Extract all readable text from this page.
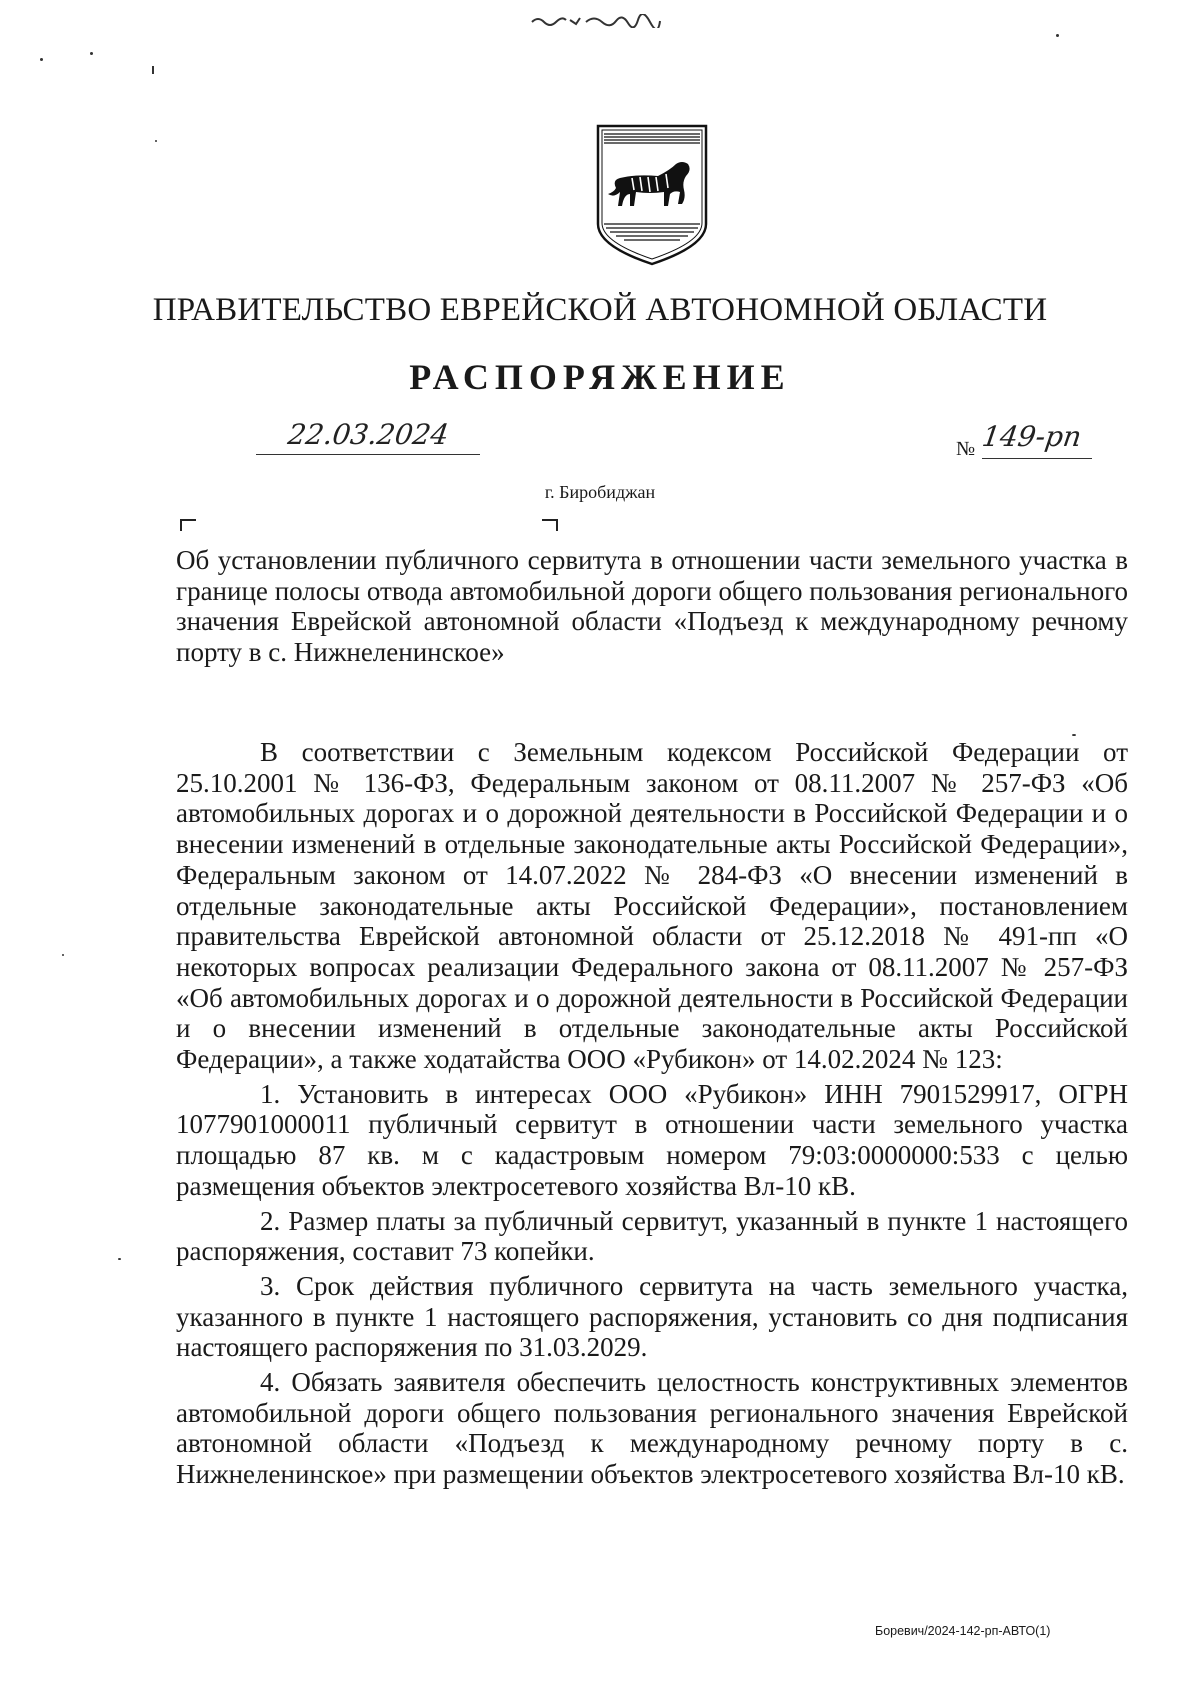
ПРАВИТЕЛЬСТВО ЕВРЕЙСКОЙ АВТОНОМНОЙ ОБЛАСТИ
РАСПОРЯЖЕНИЕ
22.03.2024	№ 149-рп
г. Биробиджан
Об установлении публичного сервитута в отношении части земельного участка в границе полосы отвода автомобильной дороги общего пользования регионального значения Еврейской автономной области «Подъезд к международному речному порту в с. Нижнеленинское»

В соответствии с Земельным кодексом Российской Федерации от 25.10.2001 № 136-ФЗ, Федеральным законом от 08.11.2007 № 257-ФЗ «Об автомобильных дорогах и о дорожной деятельности в Российской Федерации и о внесении изменений в отдельные законодательные акты Российской Федерации», Федеральным законом от 14.07.2022 № 284-ФЗ «О внесении изменений в отдельные законодательные акты Российской Федерации», постановлением правительства Еврейской автономной области от 25.12.2018 № 491-пп «О некоторых вопросах реализации Федерального закона от 08.11.2007 № 257-ФЗ «Об автомобильных дорогах и о дорожной деятельности в Российской Федерации и о внесении изменений в отдельные законодательные акты Российской Федерации», а также ходатайства ООО «Рубикон» от 14.02.2024 № 123:

1. Установить в интересах ООО «Рубикон» ИНН 7901529917, ОГРН 1077901000011 публичный сервитут в отношении части земельного участка площадью 87 кв. м с кадастровым номером 79:03:0000000:533 с целью размещения объектов электросетевого хозяйства Вл-10 кВ.

2. Размер платы за публичный сервитут, указанный в пункте 1 настоящего распоряжения, составит 73 копейки.

3. Срок действия публичного сервитута на часть земельного участка, указанного в пункте 1 настоящего распоряжения, установить со дня подписания настоящего распоряжения по 31.03.2029.

4. Обязать заявителя обеспечить целостность конструктивных элементов автомобильной дороги общего пользования регионального значения Еврейской автономной области «Подъезд к международному речному порту в с. Нижнеленинское» при размещении объектов электросетевого хозяйства Вл-10 кВ.

Боревич/2024-142-рп-АВТО(1)
